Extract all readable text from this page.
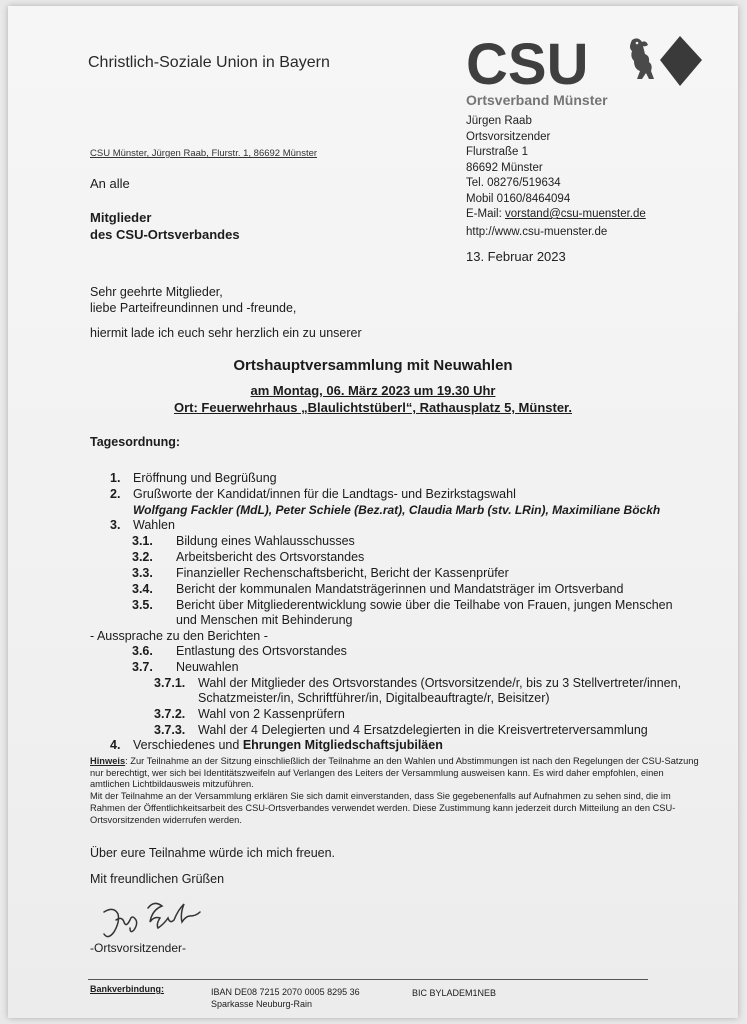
Christlich-Soziale Union in Bayern CSU
Ortsverband Münster
Jürgen Raab
Ortsvorsitzender
Flurstraße 1
86692 Münster
Tel. 08276/519634
Mobil 0160/8464094
E-Mail: vorstand@csu-muenster.de
http://www.csu-muenster.de
13. Februar 2023
CSU Münster, Jürgen Raab, Flurstr. 1, 86692 Münster
An alle
Mitglieder
des CSU-Ortsverbandes
Sehr geehrte Mitglieder,
liebe Parteifreundinnen und -freunde,
hiermit lade ich euch sehr herzlich ein zu unserer
Ortshauptversammlung mit Neuwahlen
am Montag, 06. März 2023 um 19.30 Uhr
Ort: Feuerwehrhaus „Blaulichtstüberl“, Rathausplatz 5, Münster.
Tagesordnung:
1. Eröffnung und Begrüßung
2. Grußworte der Kandidat/innen für die Landtags- und Bezirkstagswahl
Wolfgang Fackler (MdL), Peter Schiele (Bez.rat), Claudia Marb (stv. LRin), Maximiliane Böckh
3. Wahlen
3.1. Bildung eines Wahlausschusses
3.2. Arbeitsbericht des Ortsvorstandes
3.3. Finanzieller Rechenschaftsbericht, Bericht der Kassenprüfer
3.4. Bericht der kommunalen Mandatsträgerinnen und Mandatsträger im Ortsverband
3.5. Bericht über Mitgliederentwicklung sowie über die Teilhabe von Frauen, jungen Menschen
und Menschen mit Behinderung
- Aussprache zu den Berichten -
3.6. Entlastung des Ortsvorstandes
3.7. Neuwahlen
3.7.1. Wahl der Mitglieder des Ortsvorstandes (Ortsvorsitzende/r, bis zu 3 Stellvertreter/innen,
Schatzmeister/in, Schriftführer/in, Digitalbeauftragte/r, Beisitzer)
3.7.2. Wahl von 2 Kassenprüfern
3.7.3. Wahl der 4 Delegierten und 4 Ersatzdelegierten in die Kreisvertreterversammlung
4. Verschiedenes und Ehrungen Mitgliedschaftsjubiläen
Hinweis: Zur Teilnahme an der Sitzung einschließlich der Teilnahme an den Wahlen und Abstimmungen ist nach den Regelungen der CSU-Satzung nur berechtigt, wer sich bei Identitätszweifeln auf Verlangen des Leiters der Versammlung ausweisen kann. Es wird daher empfohlen, einen amtlichen Lichtbildausweis mitzuführen.
Mit der Teilnahme an der Versammlung erklären Sie sich damit einverstanden, dass Sie gegebenenfalls auf Aufnahmen zu sehen sind, die im Rahmen der Öffentlichkeitsarbeit des CSU-Ortsverbandes verwendet werden. Diese Zustimmung kann jederzeit durch Mitteilung an den CSU-Ortsvorsitzenden widerrufen werden.
Über eure Teilnahme würde ich mich freuen.
Mit freundlichen Grüßen
-Ortsvorsitzender-
Bankverbindung:	IBAN DE08 7215 2070 0005 8295 36
Sparkasse Neuburg-Rain
BIC BYLADEM1NEB
